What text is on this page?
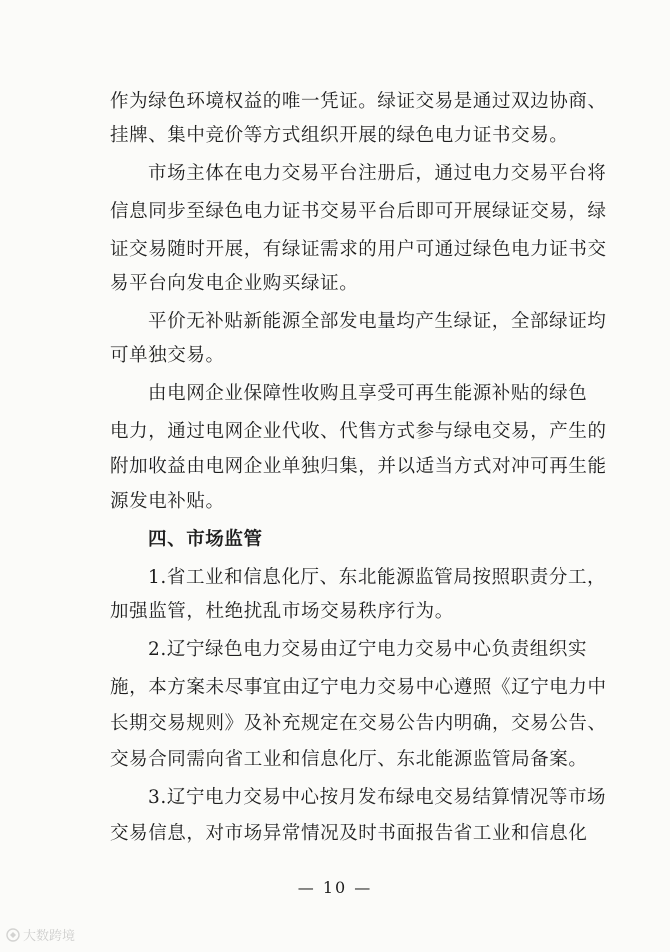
作为绿色环境权益的唯一凭证。绿证交易是通过双边协商、
挂牌、集中竞价等方式组织开展的绿色电力证书交易。
市场主体在电力交易平台注册后，通过电力交易平台将
信息同步至绿色电力证书交易平台后即可开展绿证交易，绿
证交易随时开展，有绿证需求的用户可通过绿色电力证书交
易平台向发电企业购买绿证。
平价无补贴新能源全部发电量均产生绿证，全部绿证均
可单独交易。
由电网企业保障性收购且享受可再生能源补贴的绿色
电力，通过电网企业代收、代售方式参与绿电交易，产生的
附加收益由电网企业单独归集，并以适当方式对冲可再生能
源发电补贴。
四、市场监管
1.省工业和信息化厅、东北能源监管局按照职责分工，
加强监管，杜绝扰乱市场交易秩序行为。
2.辽宁绿色电力交易由辽宁电力交易中心负责组织实
施，本方案未尽事宜由辽宁电力交易中心遵照《辽宁电力中
长期交易规则》及补充规定在交易公告内明确，交易公告、
交易合同需向省工业和信息化厅、东北能源监管局备案。
3.辽宁电力交易中心按月发布绿电交易结算情况等市场
交易信息，对市场异常情况及时书面报告省工业和信息化
— 10 —
大数跨境
